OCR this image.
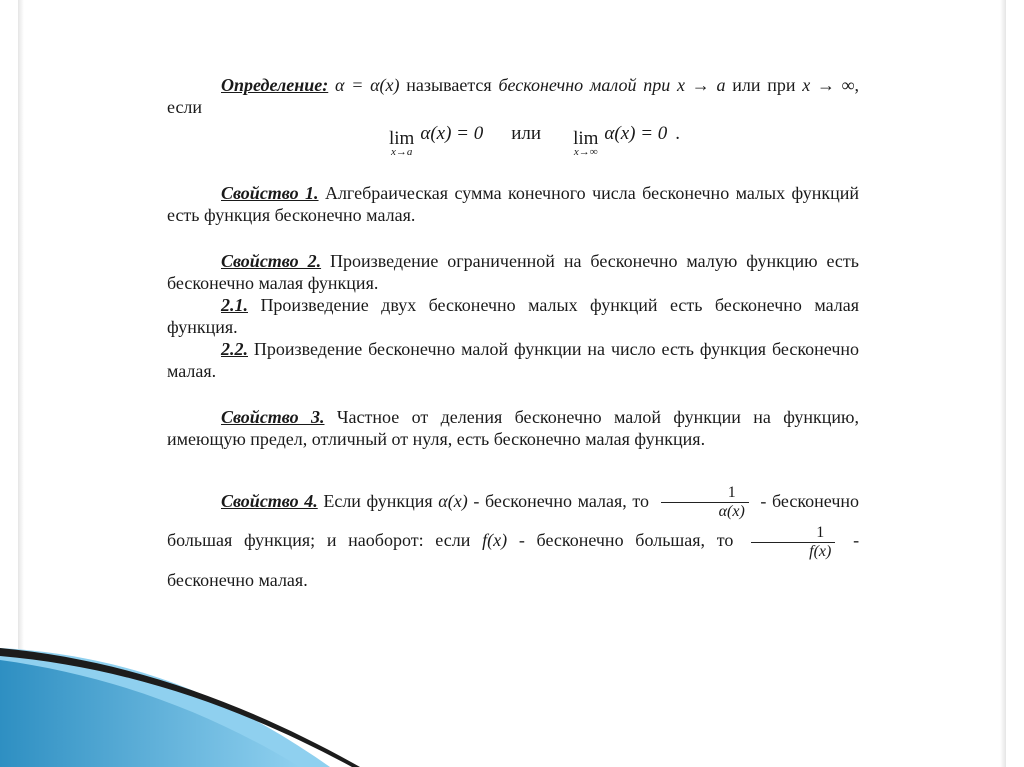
Определение: α = α(x) называется бесконечно малой при x → a или при x → ∞, если

lim
x→a
α(x) = 0 или lim
x→∞
α(x) = 0 .

Свойство 1. Алгебраическая сумма конечного числа бесконечно малых функций есть функция бесконечно малая.

Свойство 2. Произведение ограниченной на бесконечно малую функцию есть бесконечно малая функция.

2.1. Произведение двух бесконечно малых функций есть бесконечно малая функция.

2.2. Произведение бесконечно малой функции на число есть функция бесконечно малая.

Свойство 3. Частное от деления бесконечно малой функции на функцию, имеющую предел, отличный от нуля, есть бесконечно малая функция.

Свойство 4. Если функция α(x) - бесконечно малая, то $\frac{1}{\alpha(x)}$ - бесконечно большая функция; и наоборот: если f(x) - бесконечно большая, то $\frac{1}{f(x)}$ - бесконечно малая.
